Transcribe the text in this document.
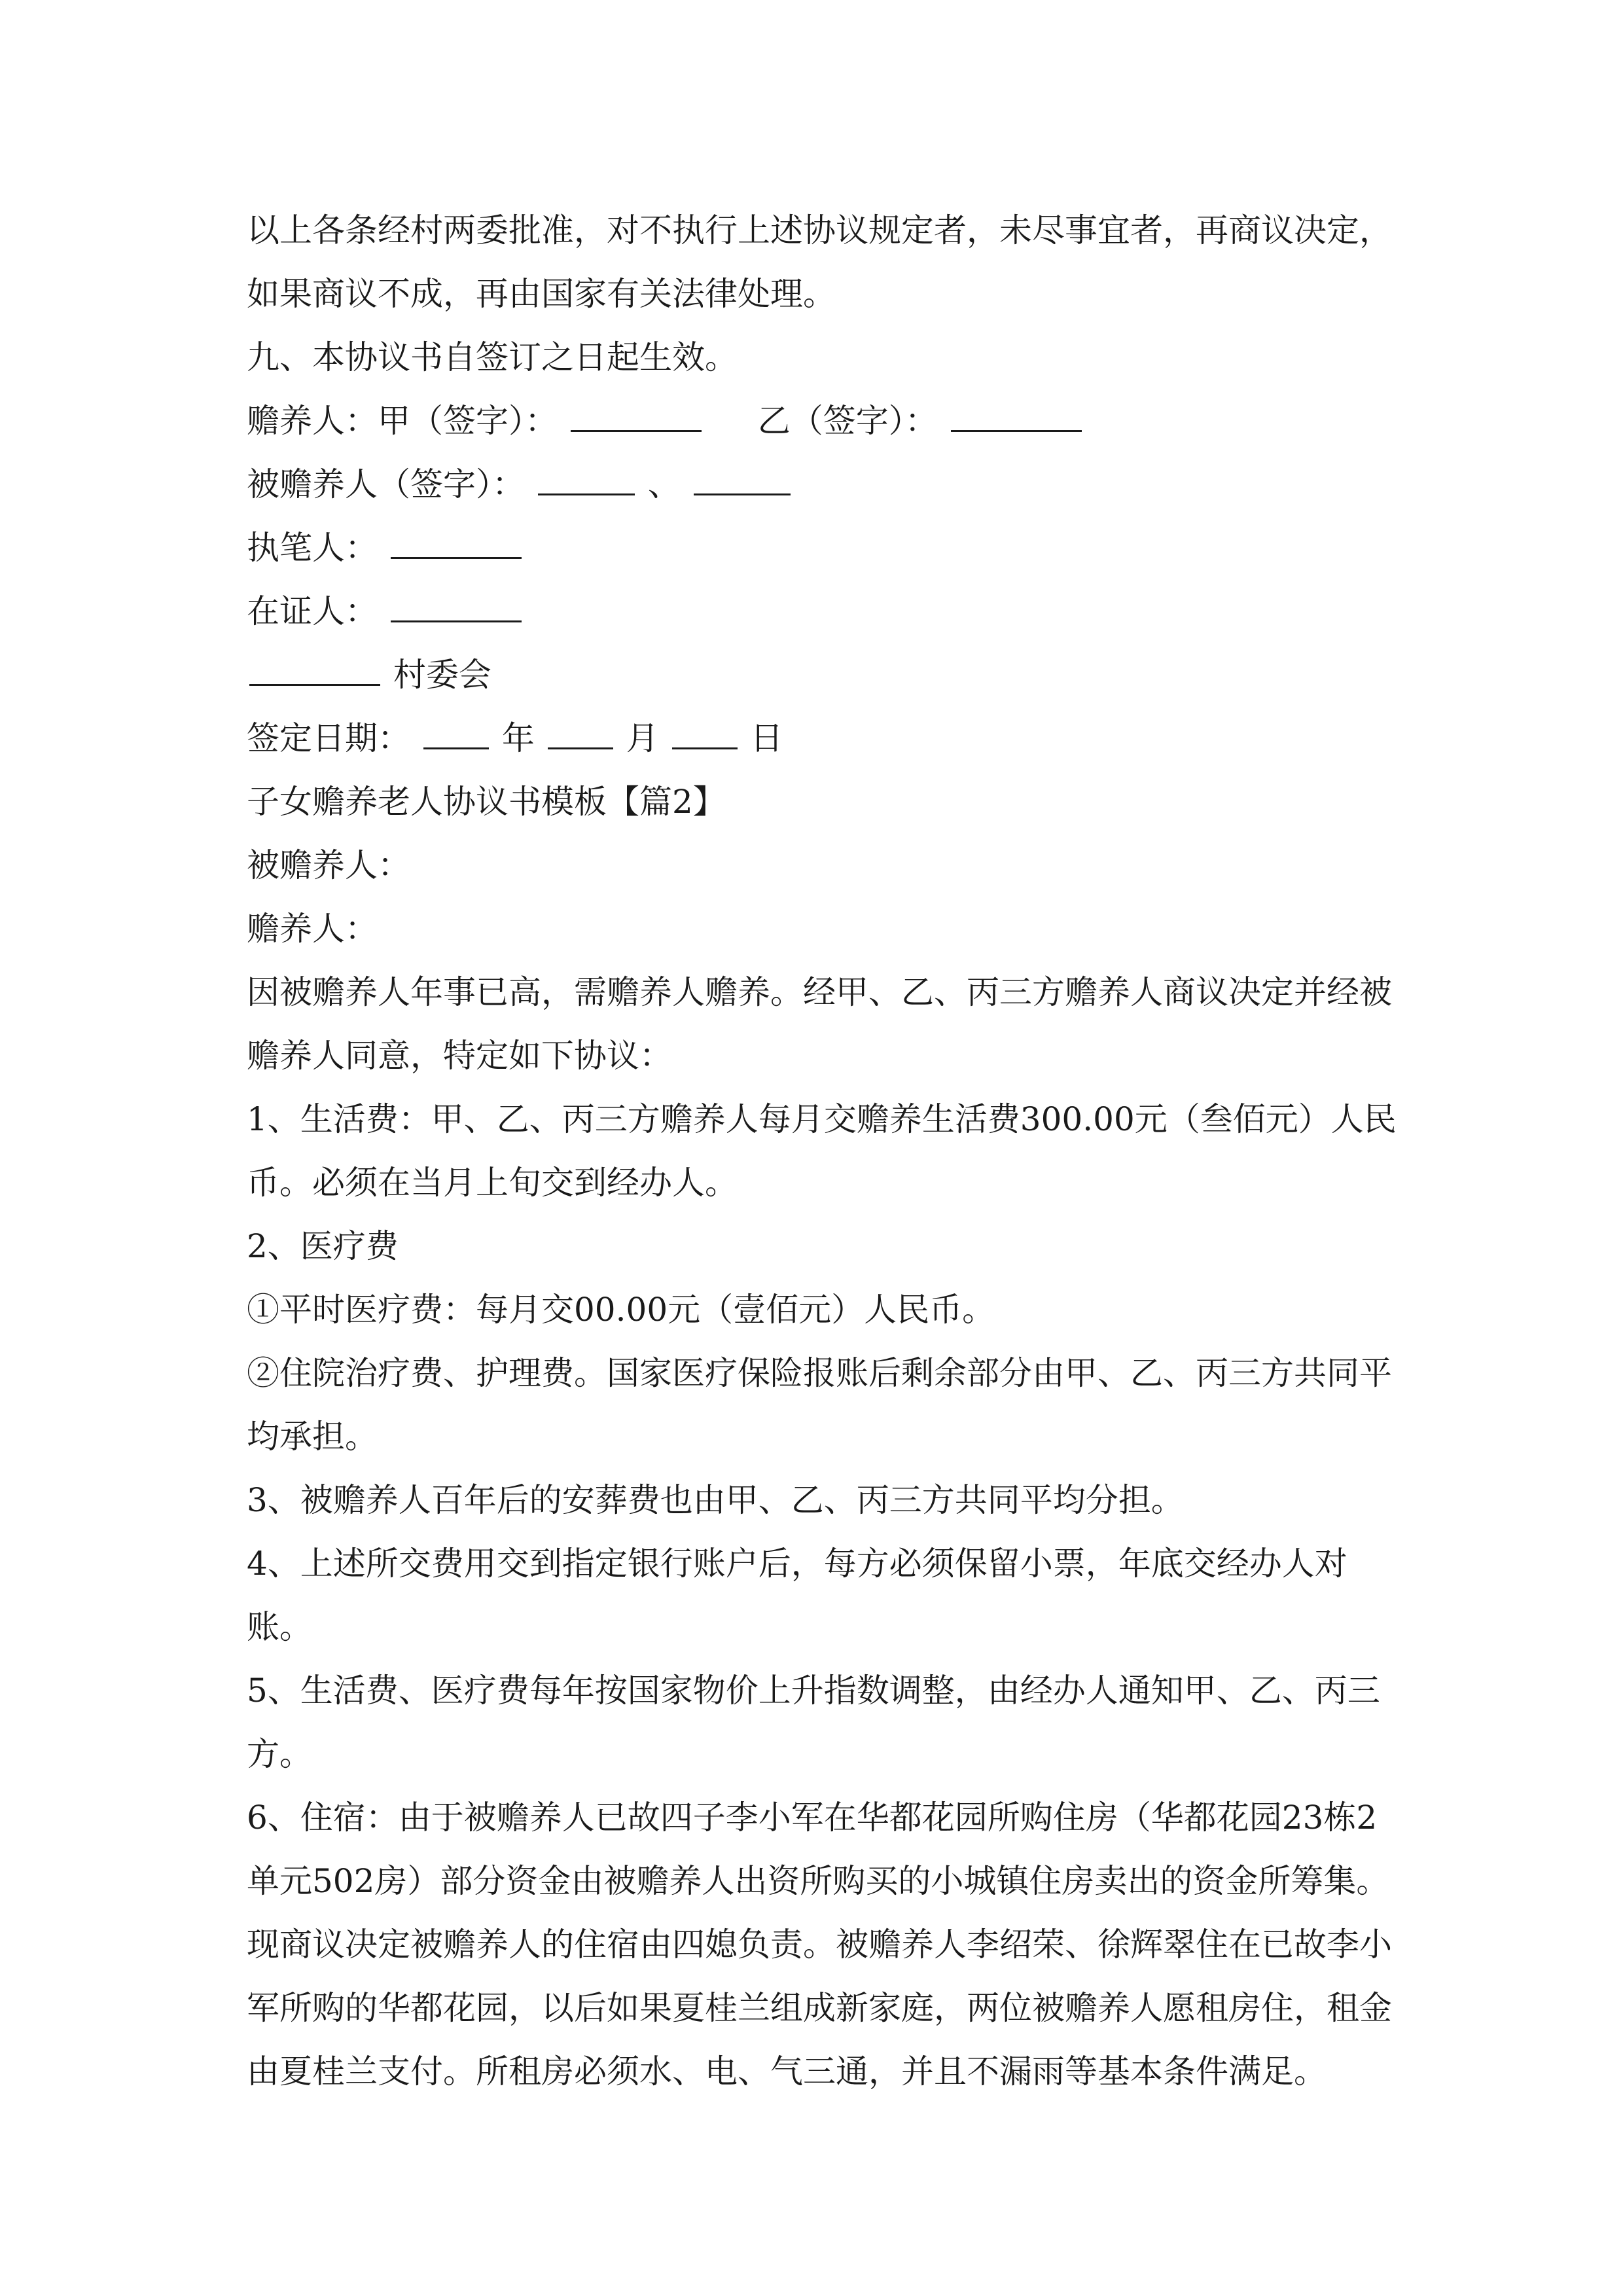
以上各条经村两委批准，对不执行上述协议规定者，未尽事宜者，再商议决定，如果商议不成，再由国家有关法律处理。

九、本协议书自签订之日起生效。

赡养人：甲（签字）：	乙（签字）：

被赡养人（签字）：	、

执笔人：

在证人：

村委会

签定日期：	年	月	日

子女赡养老人协议书模板【篇2】

被赡养人：

赡养人：

因被赡养人年事已高，需赡养人赡养。经甲、乙、丙三方赡养人商议决定并经被赡养人同意，特定如下协议：

1、生活费：甲、乙、丙三方赡养人每月交赡养生活费300.00元（叁佰元）人民币。必须在当月上旬交到经办人。

2、医疗费

①平时医疗费：每月交00.00元（壹佰元）人民币。

②住院治疗费、护理费。国家医疗保险报账后剩余部分由甲、乙、丙三方共同平均承担。

3、被赡养人百年后的安葬费也由甲、乙、丙三方共同平均分担。

4、上述所交费用交到指定银行账户后，每方必须保留小票，年底交经办人对账。

5、生活费、医疗费每年按国家物价上升指数调整，由经办人通知甲、乙、丙三方。

6、住宿：由于被赡养人已故四子李小军在华都花园所购住房（华都花园23栋2单元502房）部分资金由被赡养人出资所购买的小城镇住房卖出的资金所筹集。现商议决定被赡养人的住宿由四媳负责。被赡养人李绍荣、徐辉翠住在已故李小军所购的华都花园，以后如果夏桂兰组成新家庭，两位被赡养人愿租房住，租金由夏桂兰支付。所租房必须水、电、气三通，并且不漏雨等基本条件满足。
